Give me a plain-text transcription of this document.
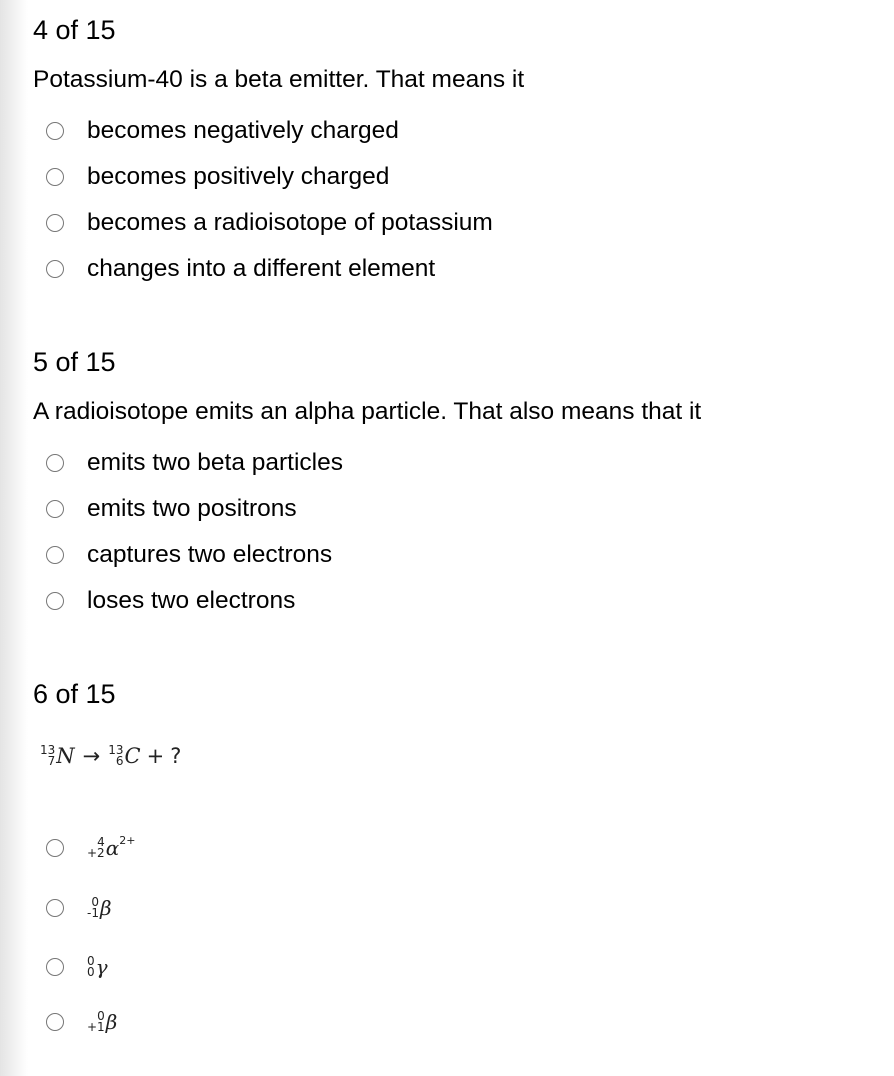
4 of 15
Potassium-40 is a beta emitter. That means it
becomes negatively charged
becomes positively charged
becomes a radioisotope of potassium
changes into a different element
5 of 15
A radioisotope emits an alpha particle. That also means that it
emits two beta particles
emits two positrons
captures two electrons
loses two electrons
6 of 15
13
7 N → 13
6 C + ?
4
+2 α 2+
0
-1 β
0
0 γ
0
+1 β
